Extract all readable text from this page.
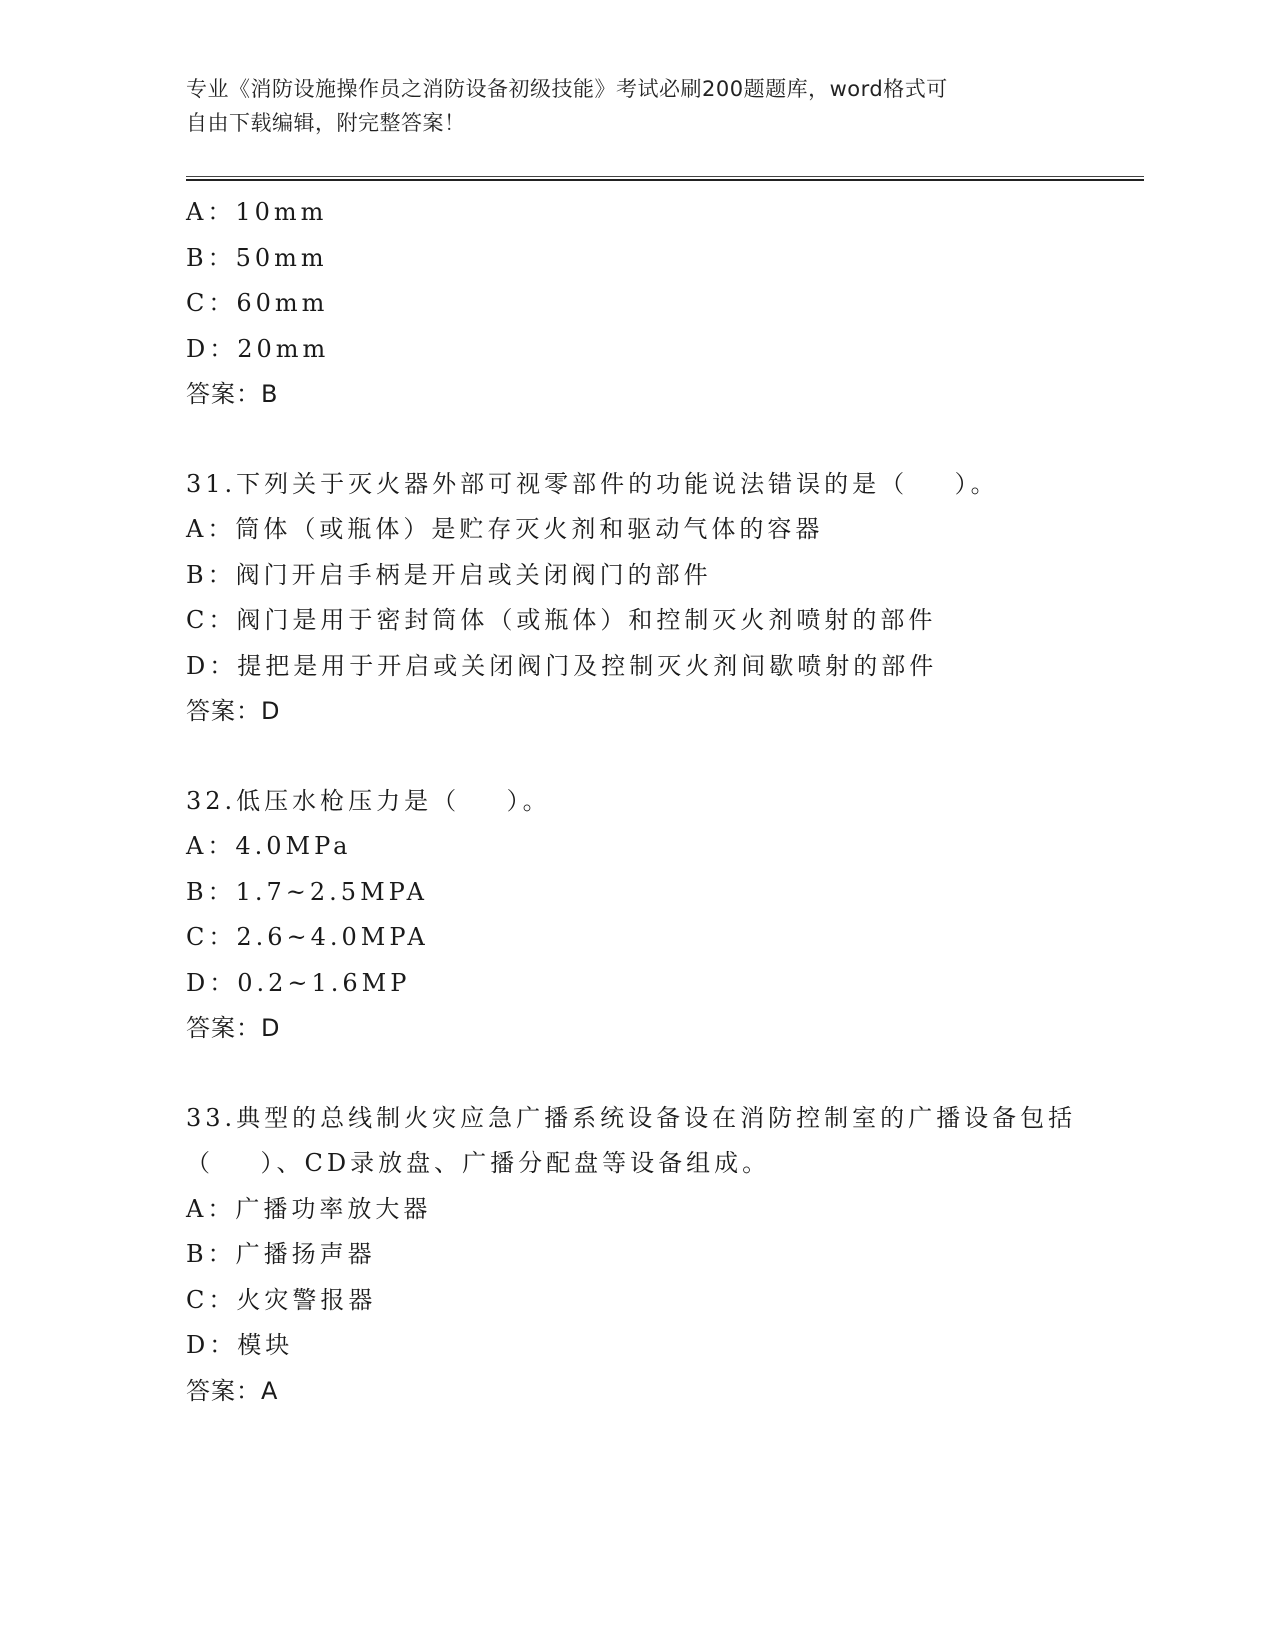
专业《消防设施操作员之消防设备初级技能》考试必刷200题题库，word格式可
自由下载编辑，附完整答案！
A：10mm
B：50mm
C：60mm
D：20mm
答案：B
31.下列关于灭火器外部可视零部件的功能说法错误的是（    ）。
A：筒体（或瓶体）是贮存灭火剂和驱动气体的容器
B：阀门开启手柄是开启或关闭阀门的部件
C：阀门是用于密封筒体（或瓶体）和控制灭火剂喷射的部件
D：提把是用于开启或关闭阀门及控制灭火剂间歇喷射的部件
答案：D
32.低压水枪压力是（    ）。
A：4.0MPa
B：1.7~2.5MPA
C：2.6~4.0MPA
D：0.2~1.6MP
答案：D
33.典型的总线制火灾应急广播系统设备设在消防控制室的广播设备包括（    ）、CD录放盘、广播分配盘等设备组成。
A：广播功率放大器
B：广播扬声器
C：火灾警报器
D：模块
答案：A
